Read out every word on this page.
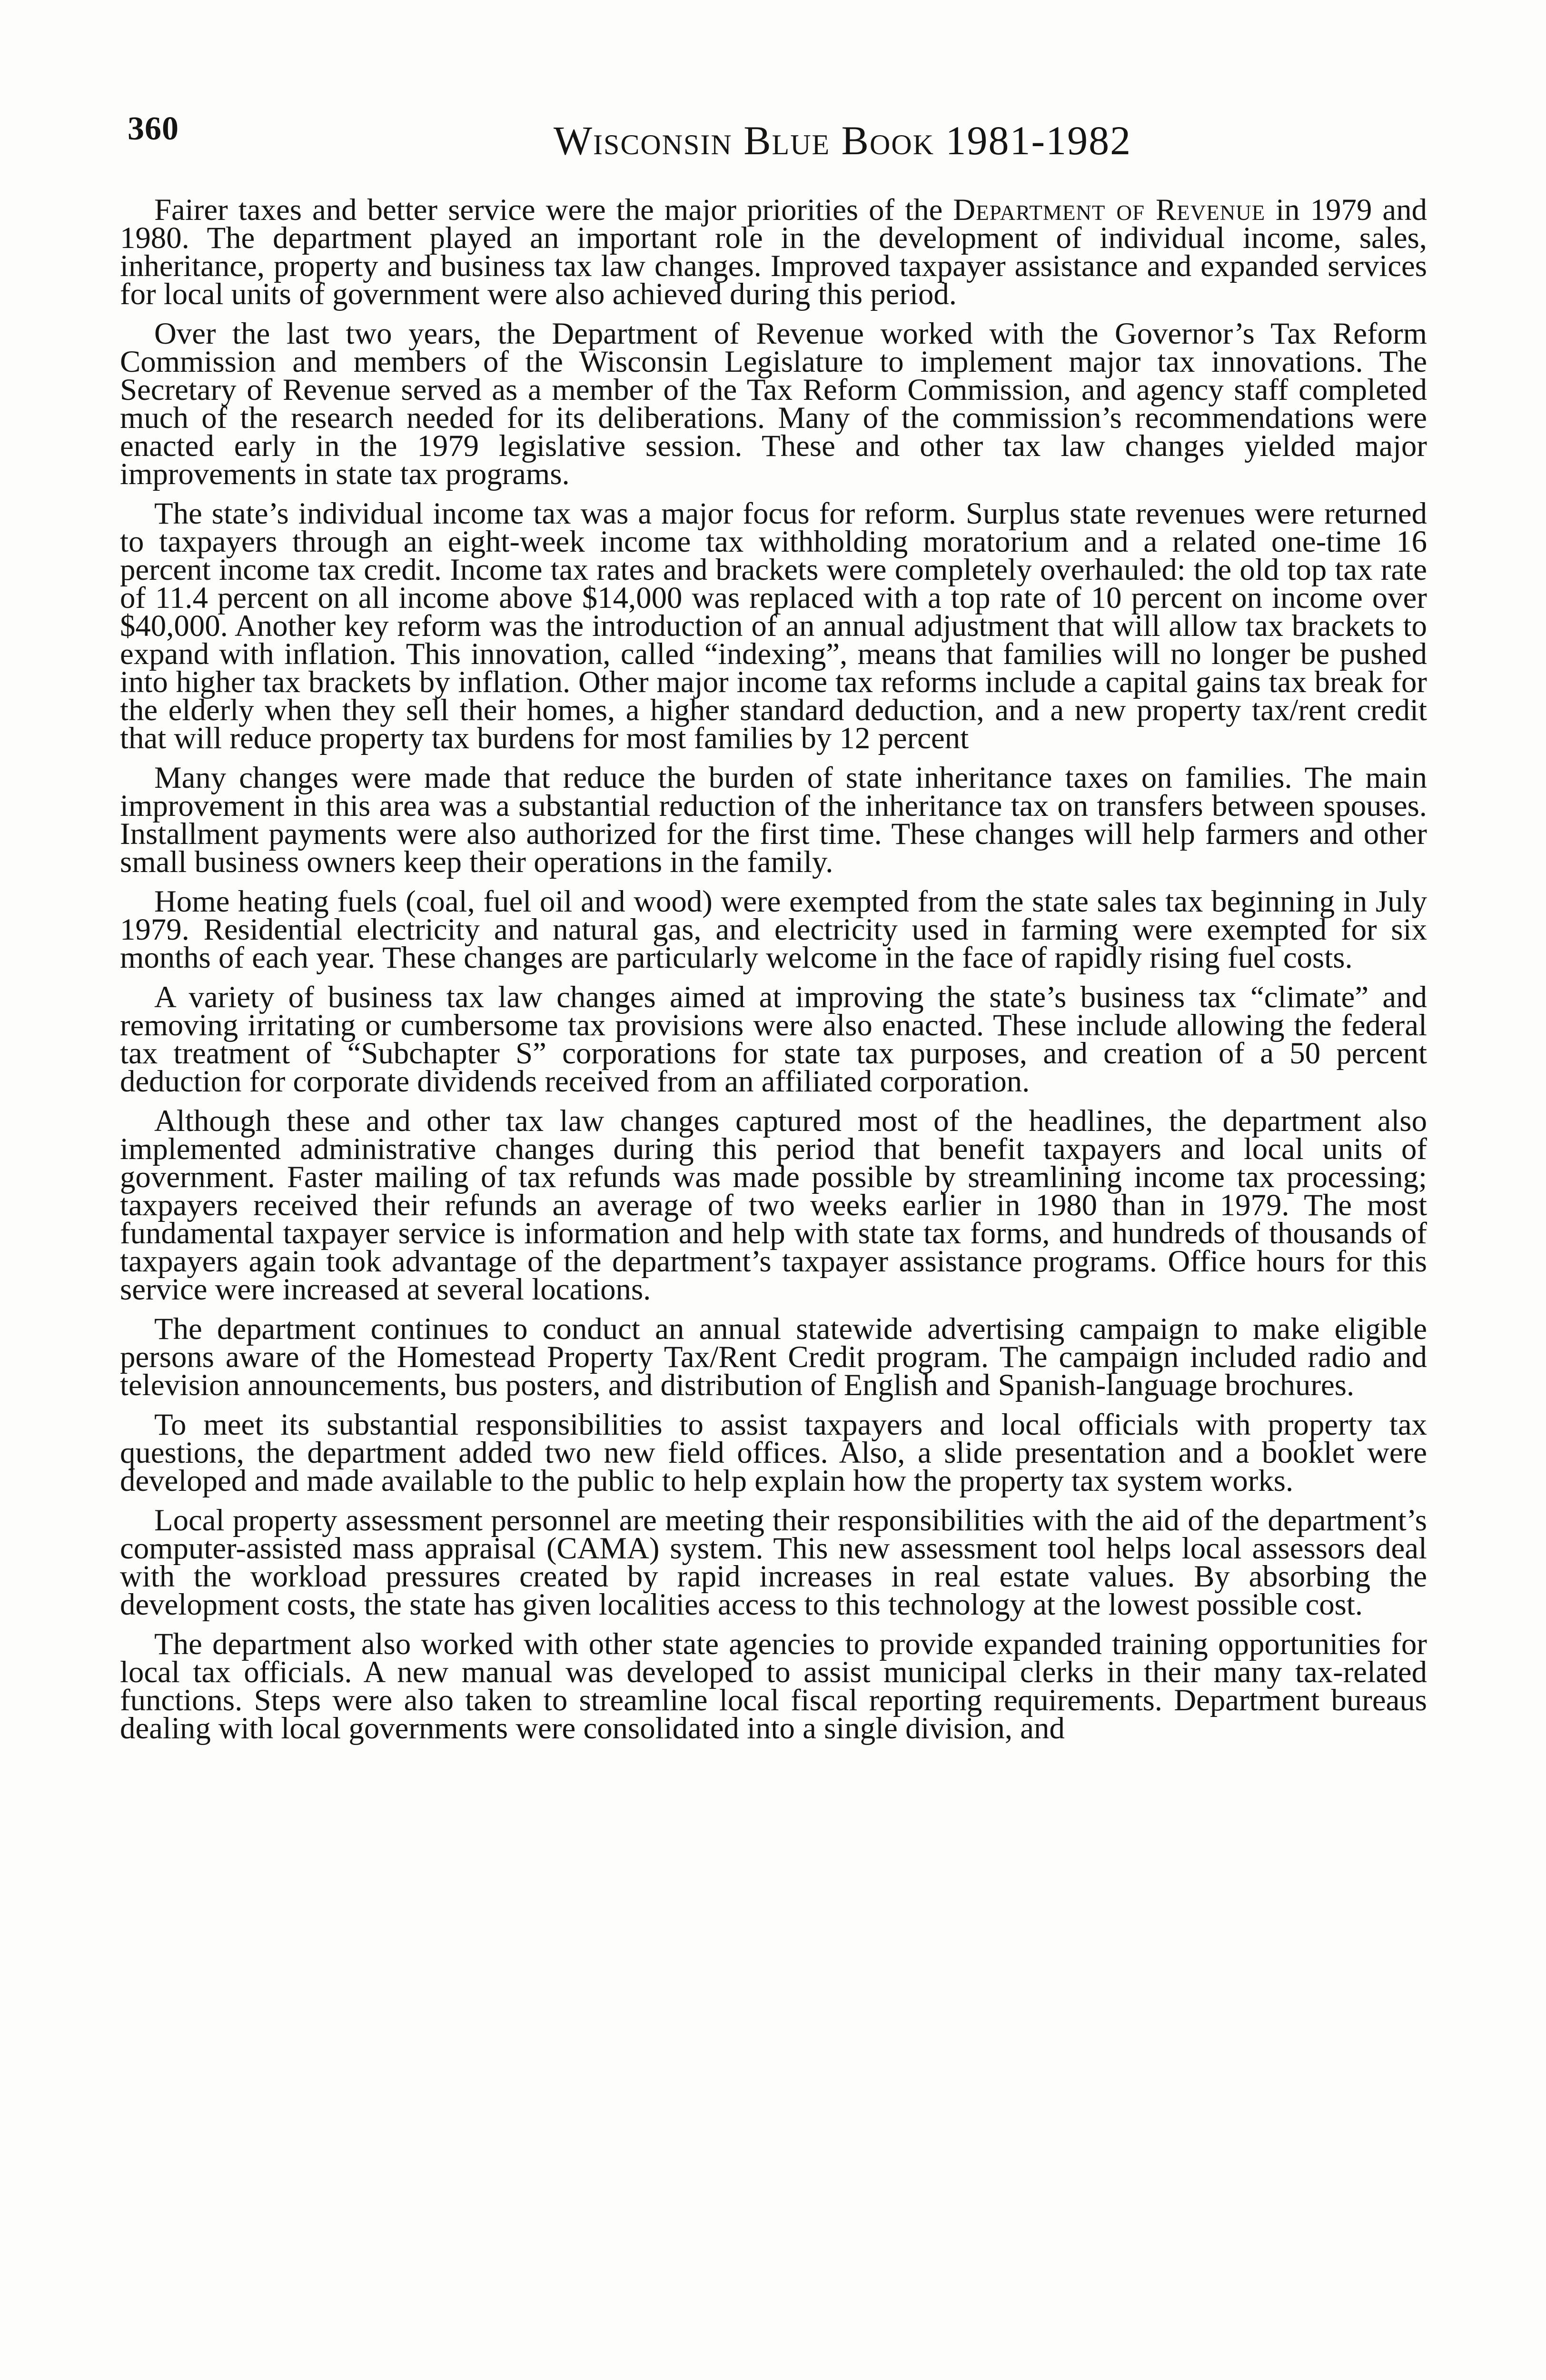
360	Wisconsin Blue Book 1981-1982

Fairer taxes and better service were the major priorities of the Department of Revenue in 1979 and 1980. The department played an important role in the development of individual income, sales, inheritance, property and business tax law changes. Improved taxpayer assistance and expanded services for local units of government were also achieved during this period.

Over the last two years, the Department of Revenue worked with the Governor’s Tax Reform Commission and members of the Wisconsin Legislature to implement major tax innovations. The Secretary of Revenue served as a member of the Tax Reform Commission, and agency staff completed much of the research needed for its deliberations. Many of the commission’s recommendations were enacted early in the 1979 legislative session. These and other tax law changes yielded major improvements in state tax programs.

The state’s individual income tax was a major focus for reform. Surplus state revenues were returned to taxpayers through an eight-week income tax withholding moratorium and a related one-time 16 percent income tax credit. Income tax rates and brackets were completely overhauled: the old top tax rate of 11.4 percent on all income above $14,000 was replaced with a top rate of 10 percent on income over $40,000. Another key reform was the introduction of an annual adjustment that will allow tax brackets to expand with inflation. This innovation, called “indexing”, means that families will no longer be pushed into higher tax brackets by inflation. Other major income tax reforms include a capital gains tax break for the elderly when they sell their homes, a higher standard deduction, and a new property tax/rent credit that will reduce property tax burdens for most families by 12 percent

Many changes were made that reduce the burden of state inheritance taxes on families. The main improvement in this area was a substantial reduction of the inheritance tax on transfers between spouses. Installment payments were also authorized for the first time. These changes will help farmers and other small business owners keep their operations in the family.

Home heating fuels (coal, fuel oil and wood) were exempted from the state sales tax beginning in July 1979. Residential electricity and natural gas, and electricity used in farming were exempted for six months of each year. These changes are particularly welcome in the face of rapidly rising fuel costs.

A variety of business tax law changes aimed at improving the state’s business tax “climate” and removing irritating or cumbersome tax provisions were also enacted. These include allowing the federal tax treatment of “Subchapter S” corporations for state tax purposes, and creation of a 50 percent deduction for corporate dividends received from an affiliated corporation.

Although these and other tax law changes captured most of the headlines, the department also implemented administrative changes during this period that benefit taxpayers and local units of government. Faster mailing of tax refunds was made possible by streamlining income tax processing; taxpayers received their refunds an average of two weeks earlier in 1980 than in 1979. The most fundamental taxpayer service is information and help with state tax forms, and hundreds of thousands of taxpayers again took advantage of the department’s taxpayer assistance programs. Office hours for this service were increased at several locations.

The department continues to conduct an annual statewide advertising campaign to make eligible persons aware of the Homestead Property Tax/Rent Credit program. The campaign included radio and television announcements, bus posters, and distribution of English and Spanish-language brochures.

To meet its substantial responsibilities to assist taxpayers and local officials with property tax questions, the department added two new field offices. Also, a slide presentation and a booklet were developed and made available to the public to help explain how the property tax system works.

Local property assessment personnel are meeting their responsibilities with the aid of the department’s computer-assisted mass appraisal (CAMA) system. This new assessment tool helps local assessors deal with the workload pressures created by rapid increases in real estate values. By absorbing the development costs, the state has given localities access to this technology at the lowest possible cost.

The department also worked with other state agencies to provide expanded training opportunities for local tax officials. A new manual was developed to assist municipal clerks in their many tax-related functions. Steps were also taken to streamline local fiscal reporting requirements. Department bureaus dealing with local governments were consolidated into a single division, and
